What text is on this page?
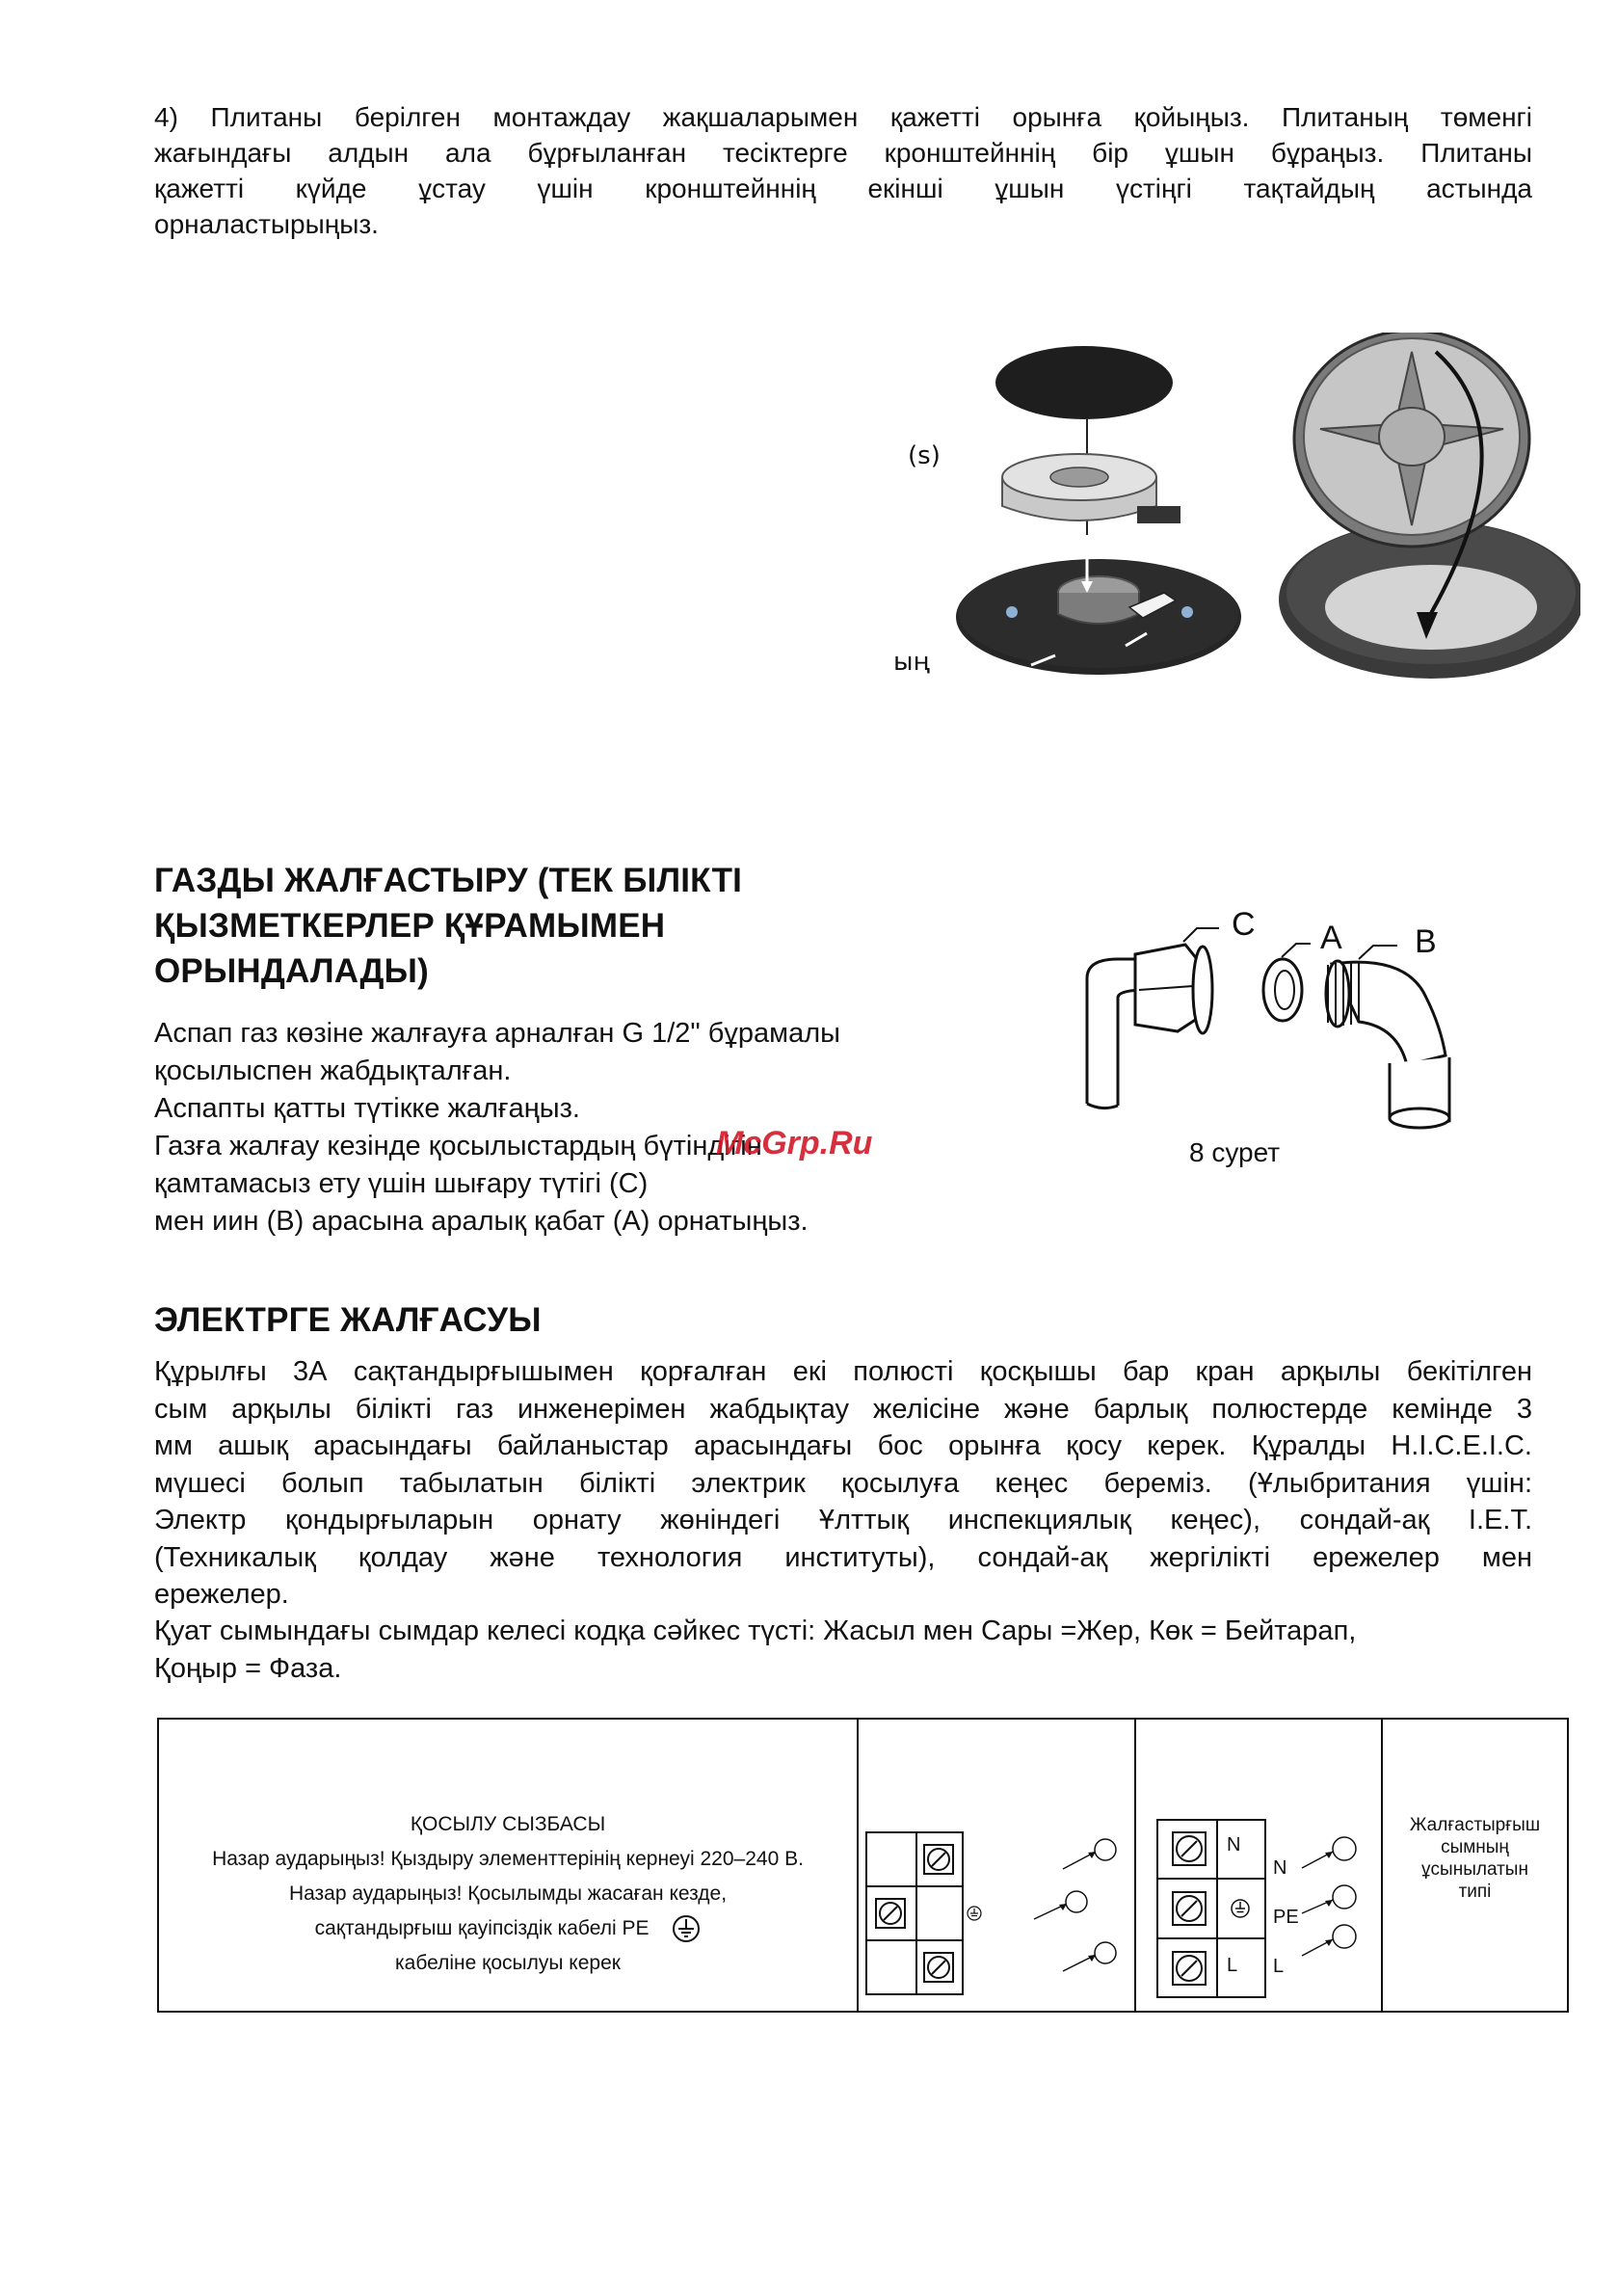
4) Плитаны берілген монтаждау жақшаларымен қажетті орынға қойыңыз. Плитаның төменгі
жағындағы алдын ала бұрғыланған тесіктерге кронштейннің бір ұшын бұраңыз. Плитаны
қажетті күйде ұстау үшін кронштейннің екінші ұшын үстіңгі тақтайдың астында
орналастырыңыз.
(s)
ың
ГАЗДЫ ЖАЛҒАСТЫРУ (ТЕК БІЛІКТІ
ҚЫЗМЕТКЕРЛЕР ҚҰРАМЫМЕН
ОРЫНДАЛАДЫ)
Аспап газ көзіне жалғауға арналған G 1/2" бұрамалы
қосылыспен жабдықталған.
Аспапты қатты түтікке жалғаңыз.
Газға жалғау кезінде қосылыстардың бүтіндігін
қамтамасыз ету үшін шығару түтігі (C)
мен иин (B) арасына аралық қабат (A) орнатыңыз.
McGrp.Ru
C A B
8 сурет
ЭЛЕКТРГЕ ЖАЛҒАСУЫ
Құрылғы 3А сақтандырғышымен қорғалған екі полюсті қосқышы бар кран арқылы бекітілген
сым арқылы білікті газ инженерімен жабдықтау желісіне және барлық полюстерде кемінде 3
мм ашық арасындағы байланыстар арасындағы бос орынға қосу керек. Құралды H.I.C.E.I.C.
мүшесі болып табылатын білікті электрик қосылуға кеңес береміз. (Ұлыбритания үшін:
Электр қондырғыларын орнату жөніндегі Ұлттық инспекциялық кеңес), сондай-ақ I.E.T.
(Техникалық қолдау және технология институты), сондай-ақ жергілікті ережелер мен
ережелер.
Қуат сымындағы сымдар келесі кодқа сәйкес түсті: Жасыл мен Сары =Жер, Көк = Бейтарап,
Қоңыр = Фаза.
ҚОСЫЛУ СЫЗБАСЫ
Назар аударыңыз! Қыздыру элементтерінің кернеуі 220–240 В.
Назар аударыңыз! Қосылымды жасаған кезде,
сақтандырғыш қауіпсіздік кабелі PE
кабеліне қосылуы керек

N
L
N
PE
L

Жалғастырғыш
сымның
ұсынылатын
типі
